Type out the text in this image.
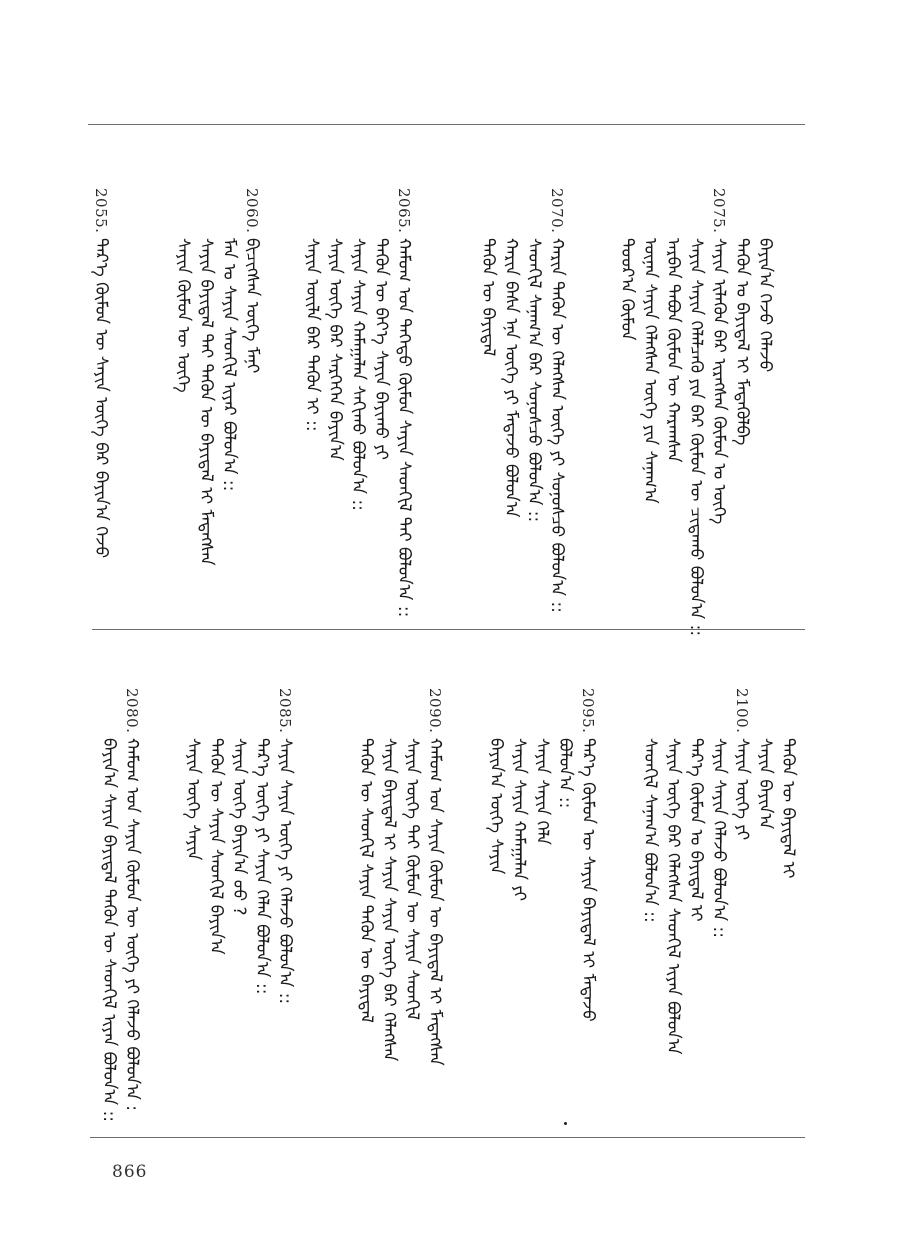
2075.
ᠪᠠᠶᠢᠨ᠎ᠠ ᠭᠡᠵᠦ ᠬᠡᠯᠡᠵᠦ
ᠲᠡᠭᠦᠨ ᠤ ᠪᠠᠶᠢᠳᠠᠯ ᠢ ᠮᠡᠳᠡᠭᠦᠯᠪᠡ
ᠰᠠᠶᠢᠨ ᠢᠯᠡᠭᠦᠨ ᠪᠠᠷ ᠢᠷᠡᠭᠰᠡᠨ ᠬᠦᠮᠦᠨ ᠤ ᠦᠭᠡ
ᠰᠠᠶᠢᠨ ᠰᠠᠶᠢᠨ ᠬᠡᠯᠡᠯᠴᠡᠬᠦ ᠶᠢᠨ ᠪᠠᠷ ᠬᠦᠮᠦᠨ ᠦ ᠴᠢᠳᠠᠬᠤ ᠪᠣᠯᠤᠨ᠎ᠠ ::
ᠠᠷᠪᠠᠨ ᠲᠠᠪᠤᠨ ᠬᠦᠮᠦᠨ ᠦ ᠬᠠᠷᠠᠭᠰᠠᠨ
ᠦᠨᠡᠨ ᠰᠠᠶᠢᠨ ᠬᠡᠯᠡᠭᠰᠡᠨ ᠦᠭᠡ ᠶᠢᠨ ᠰᠠᠨᠠᠭ᠎ᠠ
ᠳᠣᠣᠷ᠎ᠠ ᠬᠦᠮᠦᠨ
2070.
ᠬᠠᠷᠢᠨ ᠲᠡᠭᠦᠨ ᠦ ᠬᠡᠯᠡᠭᠰᠡᠨ ᠦᠭᠡ ᠶᠢ ᠰᠣᠨᠣᠰᠴᠤ ᠪᠣᠯᠤᠨ᠎ᠠ ::
ᠰᠡᠳᠬᠢᠯ ᠰᠠᠨᠠᠭ᠎ᠠ ᠪᠡᠷ ᠰᠣᠨᠣᠰᠴᠤ ᠪᠣᠯᠤᠨ᠎ᠠ ::
ᠬᠠᠷᠢᠨ ᠪᠠᠰᠠ ᠡᠨᠡ ᠦᠭᠡ ᠶᠢ ᠮᠡᠳᠡᠵᠦ ᠪᠣᠯᠤᠨ᠎ᠠ
ᠲᠡᠭᠦᠨ ᠦ ᠪᠠᠶᠢᠳᠠᠯ
2065.
ᠬᠠᠮᠤᠭ ᠤᠨ ᠳᠡᠭᠡᠳᠦ ᠬᠦᠮᠦᠨ ᠰᠠᠶᠢᠨ ᠰᠡᠳᠬᠢᠯ ᠲᠡᠢ ᠪᠣᠯᠤᠨ᠎ᠠ ::
ᠲᠡᠭᠦᠨ ᠦ ᠪᠡᠶ᠎ᠡ ᠰᠠᠶᠢᠨ ᠪᠠᠶᠢᠬᠤ ᠶᠢ
ᠰᠠᠶᠢᠨ ᠰᠠᠶᠢᠨ ᠬᠠᠮᠠᠭᠠᠯᠠᠨ ᠰᠠᠬᠢᠬᠤ ᠪᠣᠯᠤᠨ᠎ᠠ ::
ᠰᠠᠶᠢᠨ ᠦᠭᠡ ᠪᠠᠷ ᠰᠡᠷᠭᠡᠭᠡᠨ ᠪᠠᠶᠢᠨ᠎ᠠ
ᠰᠠᠶᠢᠨ ᠦᠢᠯᠡ ᠪᠠᠷ ᠲᠡᠭᠦᠨ ᠢ ::
2060.
ᠪᠢᠴᠢᠭᠰᠡᠨ ᠦᠭᠡ ᠮᠠᠨᠢ
ᠮᠠᠨ ᠤ ᠰᠠᠶᠢᠨ ᠰᠡᠳᠬᠢᠯ ᠢᠶᠡᠷ ᠪᠣᠯᠤᠨ᠎ᠠ ::
ᠰᠠᠶᠢᠨ ᠪᠠᠶᠢᠳᠠᠯ ᠲᠠᠢ ᠲᠡᠭᠦᠨ ᠦ ᠪᠠᠶᠢᠳᠠᠯ ᠢ ᠮᠡᠳᠡᠭᠰᠡᠨ
ᠰᠠᠶᠢᠨ ᠬᠦᠮᠦᠨ ᠦ ᠦᠭᠡ
2055.
ᠲᠡᠷ᠎ᠡ ᠬᠦᠮᠦᠨ ᠦ ᠰᠠᠶᠢᠨ ᠦᠭᠡ ᠪᠡᠷ ᠪᠠᠶᠢᠨ᠎ᠠ ᠭᠡᠵᠦ
ᠲᠡᠭᠦᠨ ᠦ ᠪᠠᠶᠢᠳᠠᠯ ᠢ
ᠰᠠᠶᠢᠨ ᠪᠠᠶᠢᠨ᠎ᠠ
2100.
ᠰᠠᠶᠢᠨ ᠦᠭᠡ ᠶᠢ
ᠰᠠᠶᠢᠨ ᠰᠠᠶᠢᠨ ᠬᠡᠯᠡᠵᠦ ᠪᠣᠯᠤᠨ᠎ᠠ ::
ᠲᠡᠷ᠎ᠡ ᠬᠦᠮᠦᠨ ᠤ ᠪᠠᠶᠢᠳᠠᠯ ᠢ
ᠰᠠᠶᠢᠨ ᠦᠭᠡ ᠪᠡᠷ ᠬᠡᠯᠡᠭᠰᠡᠨ ᠰᠡᠳᠬᠢᠯ ᠢᠶᠡᠨ ᠪᠣᠯᠤᠨ᠎ᠠ
ᠰᠡᠳᠬᠢᠯ ᠰᠠᠨᠠᠭ᠎ᠠ ᠪᠣᠯᠤᠨ᠎ᠠ ::
2095.
ᠲᠡᠷ᠎ᠡ ᠬᠦᠮᠦᠨ ᠦ ᠰᠠᠶᠢᠨ ᠪᠠᠶᠢᠳᠠᠯ ᠢ ᠮᠡᠳᠡᠵᠦ
ᠪᠣᠯᠤᠨ᠎ᠠ ::
ᠰᠠᠶᠢᠨ ᠰᠠᠶᠢᠨ ᠬᠡᠯᠡ
ᠰᠠᠶᠢᠨ ᠰᠠᠶᠢᠨ ᠬᠠᠮᠠᠭᠠᠯᠠᠨ ᠶᠢ
ᠪᠠᠶᠢᠨ᠎ᠠ ᠦᠭᠡ ᠰᠠᠶᠢᠨ
2090.
ᠬᠠᠮᠤᠭ ᠤᠨ ᠰᠠᠶᠢᠨ ᠬᠦᠮᠦᠨ ᠦ ᠪᠠᠶᠢᠳᠠᠯ ᠢ ᠮᠡᠳᠡᠭᠰᠡᠨ
ᠰᠠᠶᠢᠨ ᠦᠭᠡ ᠲᠠᠢ ᠬᠦᠮᠦᠨ ᠦ ᠰᠠᠶᠢᠨ ᠰᠡᠳᠬᠢᠯ
ᠰᠠᠶᠢᠨ ᠪᠠᠶᠢᠳᠠᠯ ᠢ ᠰᠠᠶᠢᠨ ᠰᠠᠶᠢᠨ ᠦᠭᠡ ᠪᠡᠷ ᠬᠡᠯᠡᠭᠰᠡᠨ
ᠲᠡᠭᠦᠨ ᠦ ᠰᠡᠳᠬᠢᠯ ᠰᠠᠶᠢᠨ ᠲᠡᠭᠦᠨ ᠦ ᠪᠠᠶᠢᠳᠠᠯ
2085.
ᠰᠠᠶᠢᠨ ᠰᠠᠶᠢᠨ ᠦᠭᠡ ᠶᠢ ᠬᠡᠯᠡᠵᠦ ᠪᠣᠯᠤᠨ᠎ᠠ ::
ᠲᠡᠷ᠎ᠡ ᠦᠭᠡ ᠶᠢ ᠰᠠᠶᠢᠨ ᠬᠡᠯᠡᠨ ᠪᠣᠯᠤᠨ᠎ᠠ ::
ᠰᠠᠶᠢᠨ ᠦᠭᠡ ᠪᠠᠶᠢᠨ᠎ᠠ ᠤᠤ ?
ᠲᠡᠭᠦᠨ ᠦ ᠰᠠᠶᠢᠨ ᠰᠡᠳᠬᠢᠯ ᠪᠠᠶᠢᠨ᠎ᠠ
ᠰᠠᠶᠢᠨ ᠦᠭᠡ ᠰᠠᠶᠢᠨ
2080.
ᠬᠠᠮᠤᠭ ᠤᠨ ᠰᠠᠶᠢᠨ ᠬᠦᠮᠦᠨ ᠦ ᠦᠭᠡ ᠶᠢ ᠬᠡᠯᠡᠵᠦ ᠪᠣᠯᠤᠨ᠎ᠠ :
ᠪᠠᠶᠢᠨ᠎ᠠ ᠰᠠᠶᠢᠨ ᠪᠠᠶᠢᠳᠠᠯ ᠲᠡᠭᠦᠨ ᠦ ᠰᠡᠳᠬᠢᠯ ᠢᠶᠡᠨ ᠪᠣᠯᠤᠨ᠎ᠠ ::
866
